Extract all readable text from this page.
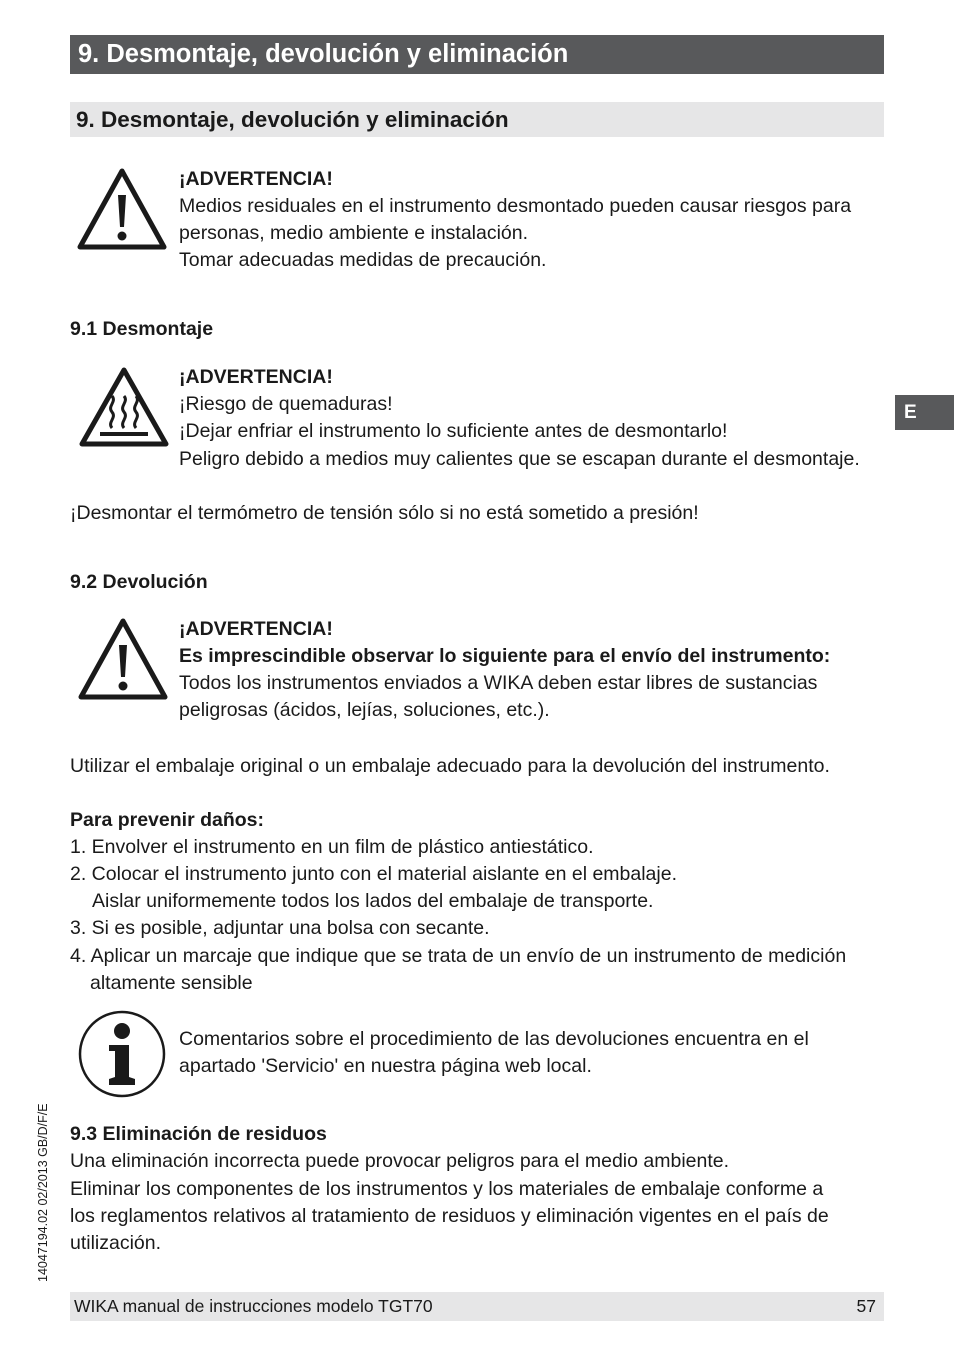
9. Desmontaje, devolución y eliminación
9. Desmontaje, devolución y eliminación
E
¡ADVERTENCIA!
Medios residuales en el instrumento desmontado pueden causar riesgos para
personas, medio ambiente e instalación.
Tomar adecuadas medidas de precaución.
9.1 Desmontaje
¡ADVERTENCIA!
¡Riesgo de quemaduras!
¡Dejar enfriar el instrumento lo suficiente antes de desmontarlo!
Peligro debido a medios muy calientes que se escapan durante el desmontaje.
¡Desmontar el termómetro de tensión sólo si no está sometido a presión!
9.2 Devolución
¡ADVERTENCIA!
Es imprescindible observar lo siguiente para el envío del instrumento:
Todos los instrumentos enviados a WIKA deben estar libres de sustancias
peligrosas (ácidos, lejías, soluciones, etc.).
Utilizar el embalaje original o un embalaje adecuado para la devolución del instrumento.
Para prevenir daños:
1. Envolver el instrumento en un film de plástico antiestático.
2. Colocar el instrumento junto con el material aislante en el embalaje.
Aislar uniformemente todos los lados del embalaje de transporte.
3. Si es posible, adjuntar una bolsa con secante.
4. Aplicar un marcaje que indique que se trata de un envío de un instrumento de medición
altamente sensible
Comentarios sobre el procedimiento de las devoluciones encuentra en el
apartado 'Servicio' en nuestra página web local.
9.3 Eliminación de residuos
Una eliminación incorrecta puede provocar peligros para el medio ambiente.
Eliminar los componentes de los instrumentos y los materiales de embalaje conforme a
los reglamentos relativos al tratamiento de residuos y eliminación vigentes en el país de
utilización.
14047194.02 02/2013 GB/D/F/E
WIKA manual de instrucciones modelo TGT70	57
